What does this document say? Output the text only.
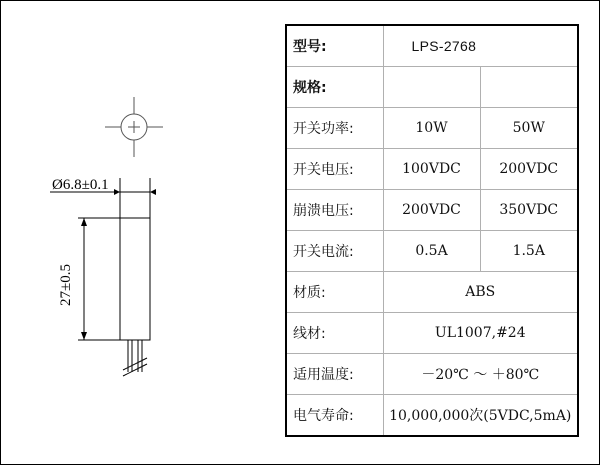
Ø6.8±0.1
27±0.5
型号:	LPS-2768	
规格:		
开关功率:	10W	50W
开关电压:	100VDC	200VDC
崩溃电压:	200VDC	350VDC
开关电流:	0.5A	1.5A
材质:	ABS	
线材:	UL1007,#24	
适用温度:	－20℃ ～ ＋80℃	
电气寿命:	10,000,000次(5VDC,5mA)	
